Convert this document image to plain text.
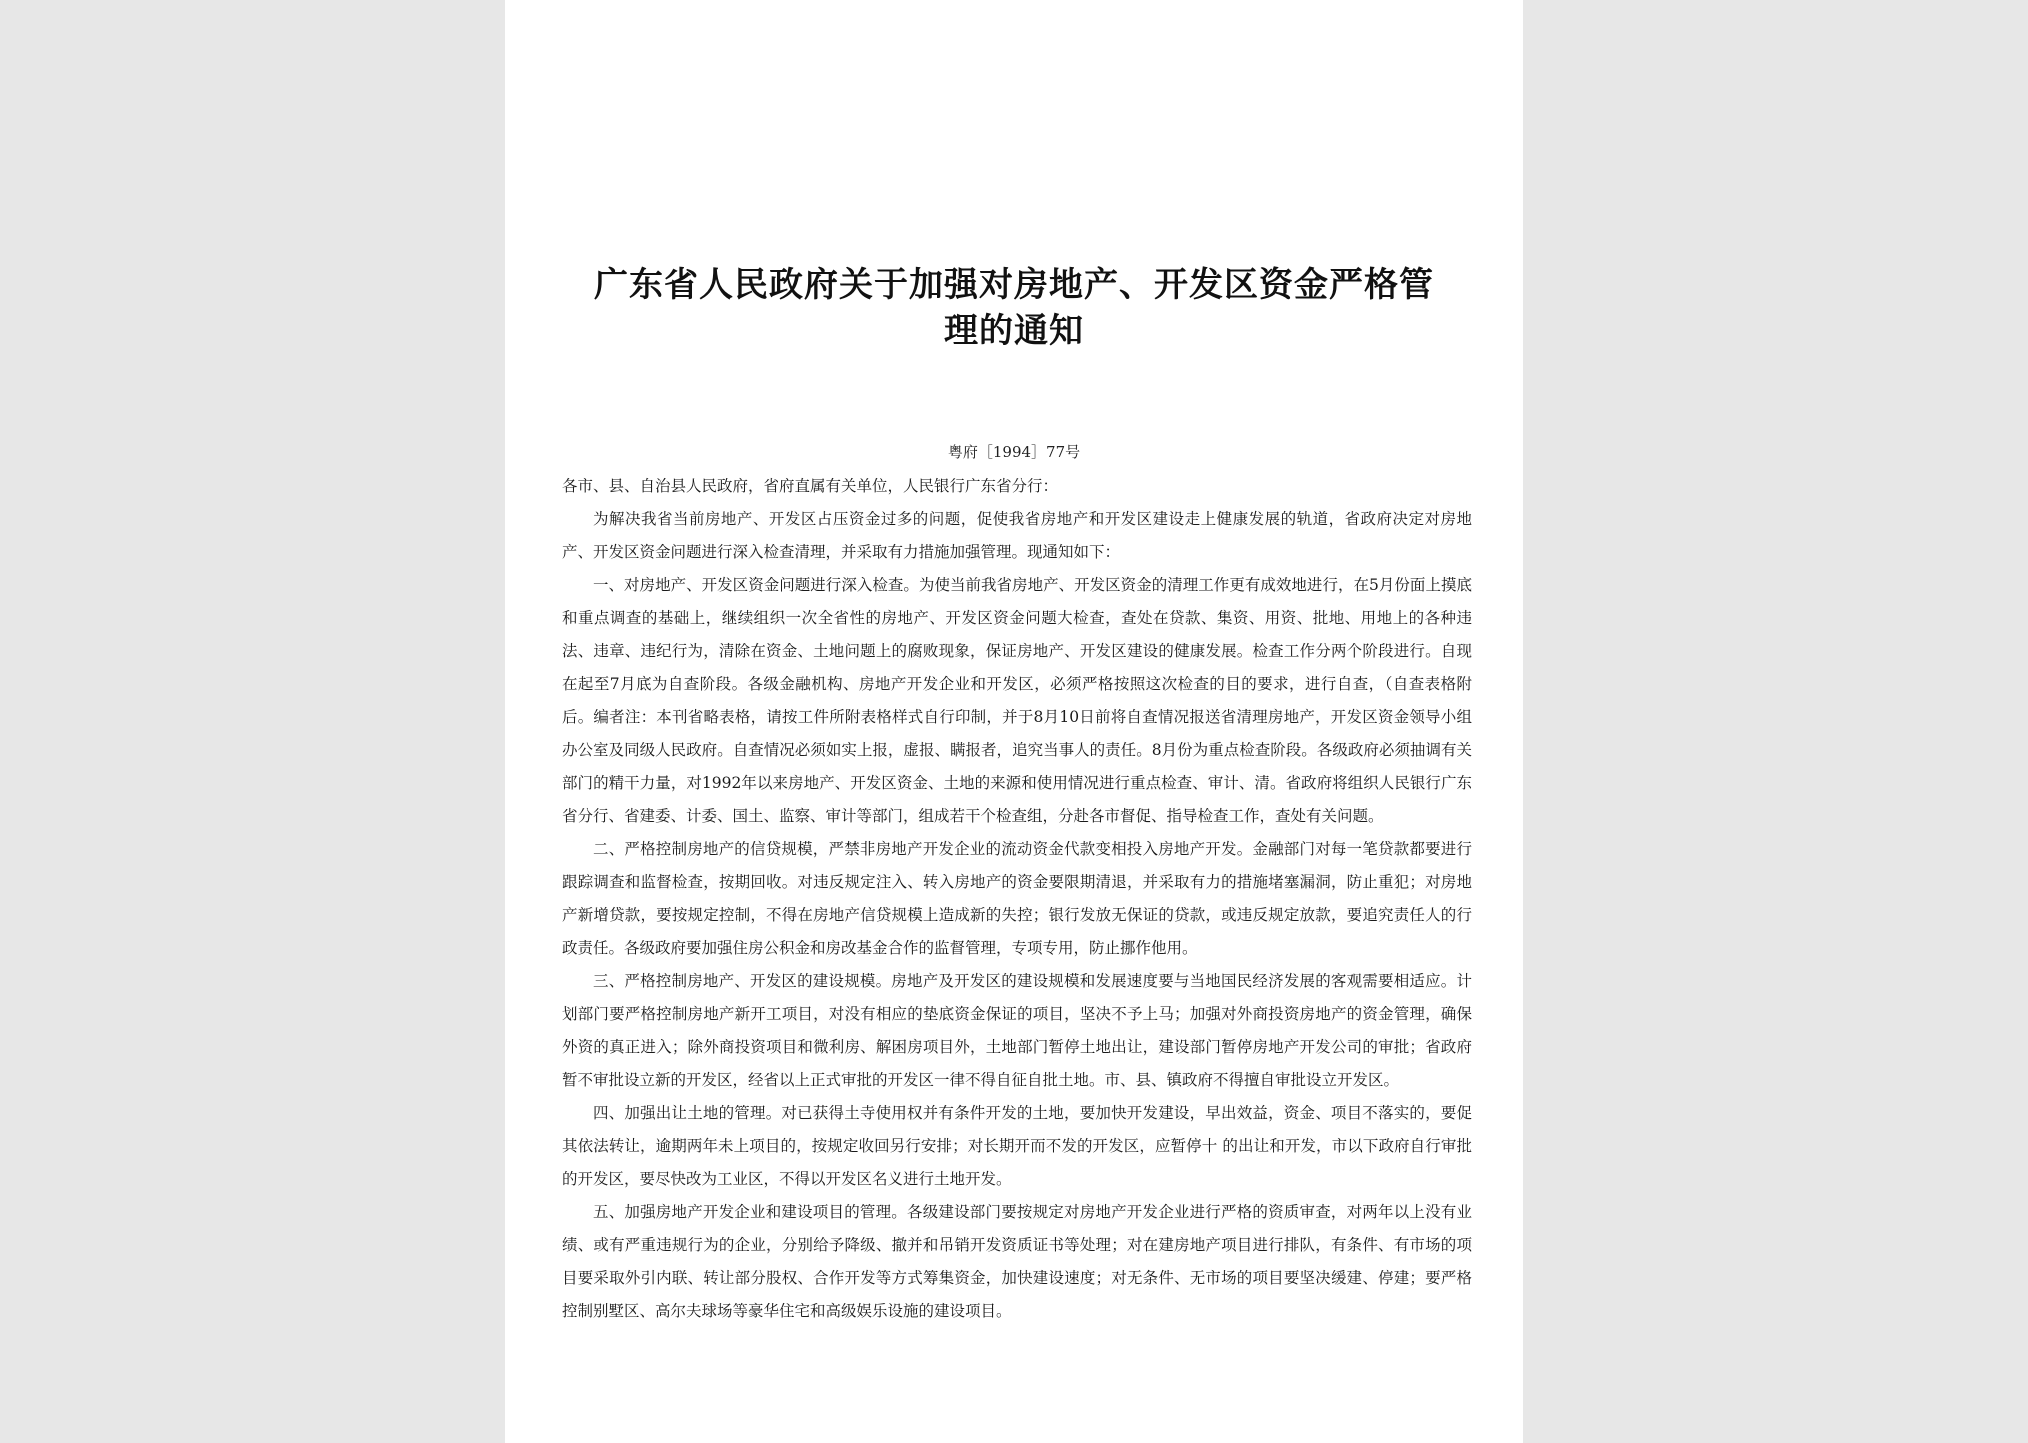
广东省人民政府关于加强对房地产、开发区资金严格管
理的通知
粤府［1994］77号

各市、县、自治县人民政府，省府直属有关单位，人民银行广东省分行：

为解决我省当前房地产、开发区占压资金过多的问题，促使我省房地产和开发区建设走上健康发展的轨道，省政府决定对房地产、开发区资金问题进行深入检查清理，并采取有力措施加强管理。现通知如下：

一、对房地产、开发区资金问题进行深入检查。为使当前我省房地产、开发区资金的清理工作更有成效地进行，在5月份面上摸底和重点调查的基础上，继续组织一次全省性的房地产、开发区资金问题大检查，查处在贷款、集资、用资、批地、用地上的各种违法、违章、违纪行为，清除在资金、土地问题上的腐败现象，保证房地产、开发区建设的健康发展。检查工作分两个阶段进行。自现在起至7月底为自查阶段。各级金融机构、房地产开发企业和开发区，必须严格按照这次检查的目的要求，进行自查，（自查表格附后。编者注：本刊省略表格，请按工件所附表格样式自行印制，并于8月10日前将自查情况报送省清理房地产，开发区资金领导小组办公室及同级人民政府。自查情况必须如实上报，虚报、瞒报者，追究当事人的责任。8月份为重点检查阶段。各级政府必须抽调有关部门的精干力量，对1992年以来房地产、开发区资金、土地的来源和使用情况进行重点检查、审计、清。省政府将组织人民银行广东省分行、省建委、计委、国土、监察、审计等部门，组成若干个检查组，分赴各市督促、指导检查工作，查处有关问题。

二、严格控制房地产的信贷规模，严禁非房地产开发企业的流动资金代款变相投入房地产开发。金融部门对每一笔贷款都要进行跟踪调查和监督检查，按期回收。对违反规定注入、转入房地产的资金要限期清退，并采取有力的措施堵塞漏洞，防止重犯；对房地产新增贷款，要按规定控制，不得在房地产信贷规模上造成新的失控；银行发放无保证的贷款，或违反规定放款，要追究责任人的行政责任。各级政府要加强住房公积金和房改基金合作的监督管理，专项专用，防止挪作他用。

三、严格控制房地产、开发区的建设规模。房地产及开发区的建设规模和发展速度要与当地国民经济发展的客观需要相适应。计划部门要严格控制房地产新开工项目，对没有相应的垫底资金保证的项目，坚决不予上马；加强对外商投资房地产的资金管理，确保外资的真正进入；除外商投资项目和微利房、解困房项目外，土地部门暂停土地出让，建设部门暂停房地产开发公司的审批；省政府暂不审批设立新的开发区，经省以上正式审批的开发区一律不得自征自批土地。市、县、镇政府不得擅自审批设立开发区。

四、加强出让土地的管理。对已获得土寺使用权并有条件开发的土地，要加快开发建设，早出效益，资金、项目不落实的，要促其依法转让，逾期两年未上项目的，按规定收回另行安排；对长期开而不发的开发区，应暂停十 的出让和开发，市以下政府自行审批的开发区，要尽快改为工业区，不得以开发区名义进行土地开发。

五、加强房地产开发企业和建设项目的管理。各级建设部门要按规定对房地产开发企业进行严格的资质审查，对两年以上没有业绩、或有严重违规行为的企业，分别给予降级、撤并和吊销开发资质证书等处理；对在建房地产项目进行排队，有条件、有市场的项目要采取外引内联、转让部分股权、合作开发等方式筹集资金，加快建设速度；对无条件、无市场的项目要坚决缓建、停建；要严格控制别墅区、高尔夫球场等豪华住宅和高级娱乐设施的建设项目。
